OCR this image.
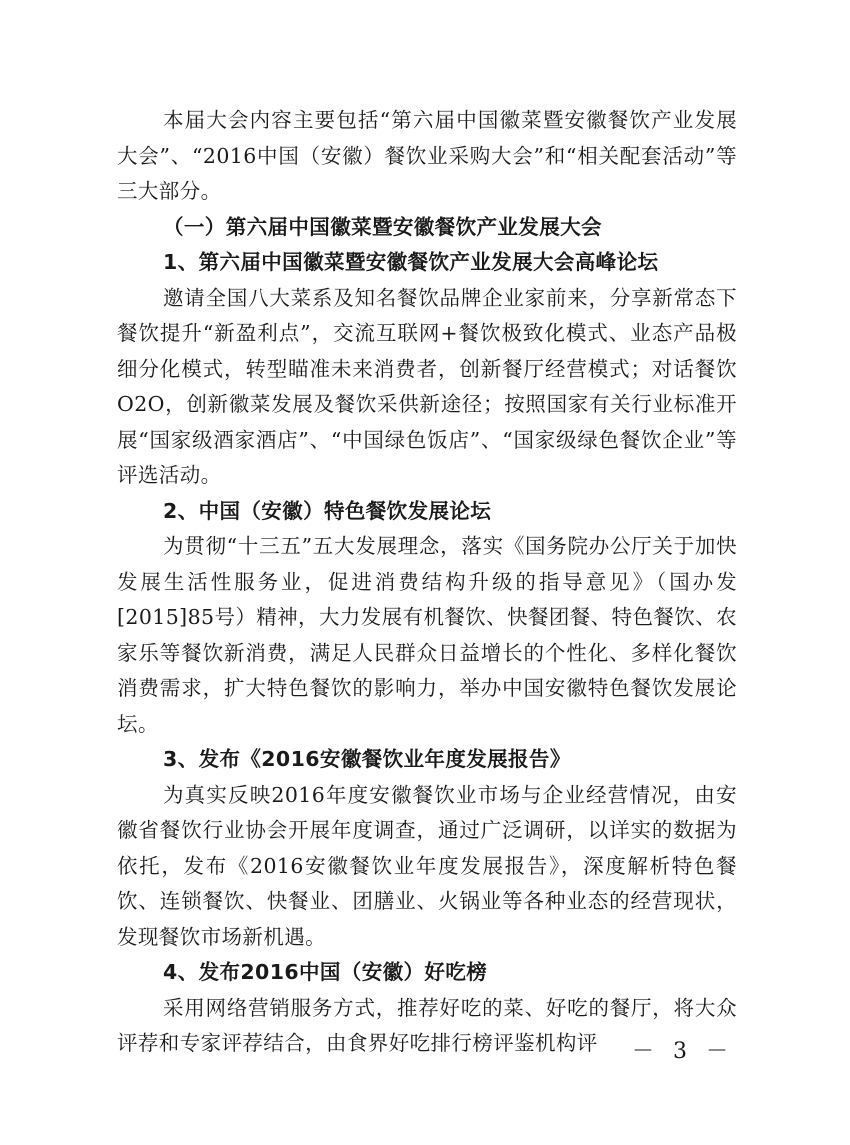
本届大会内容主要包括“第六届中国徽菜暨安徽餐饮产业发展大会”、“2016中国（安徽）餐饮业采购大会”和“相关配套活动”等三大部分。

（一）第六届中国徽菜暨安徽餐饮产业发展大会

1、第六届中国徽菜暨安徽餐饮产业发展大会高峰论坛

邀请全国八大菜系及知名餐饮品牌企业家前来，分享新常态下餐饮提升“新盈利点”，交流互联网+餐饮极致化模式、业态产品极细分化模式，转型瞄准未来消费者，创新餐厅经营模式；对话餐饮O2O，创新徽菜发展及餐饮采供新途径；按照国家有关行业标准开展“国家级酒家酒店”、“中国绿色饭店”、“国家级绿色餐饮企业”等评选活动。

2、中国（安徽）特色餐饮发展论坛

为贯彻“十三五”五大发展理念，落实《国务院办公厅关于加快发展生活性服务业，促进消费结构升级的指导意见》（国办发[2015]85号）精神，大力发展有机餐饮、快餐团餐、特色餐饮、农家乐等餐饮新消费，满足人民群众日益增长的个性化、多样化餐饮消费需求，扩大特色餐饮的影响力，举办中国安徽特色餐饮发展论坛。

3、发布《2016安徽餐饮业年度发展报告》

为真实反映2016年度安徽餐饮业市场与企业经营情况，由安徽省餐饮行业协会开展年度调查，通过广泛调研，以详实的数据为依托，发布《2016安徽餐饮业年度发展报告》，深度解析特色餐饮、连锁餐饮、快餐业、团膳业、火锅业等各种业态的经营现状，发现餐饮市场新机遇。

4、发布2016中国（安徽）好吃榜

采用网络营销服务方式，推荐好吃的菜、好吃的餐厅，将大众评荐和专家评荐结合，由食界好吃排行榜评鉴机构评	－ 3 －
